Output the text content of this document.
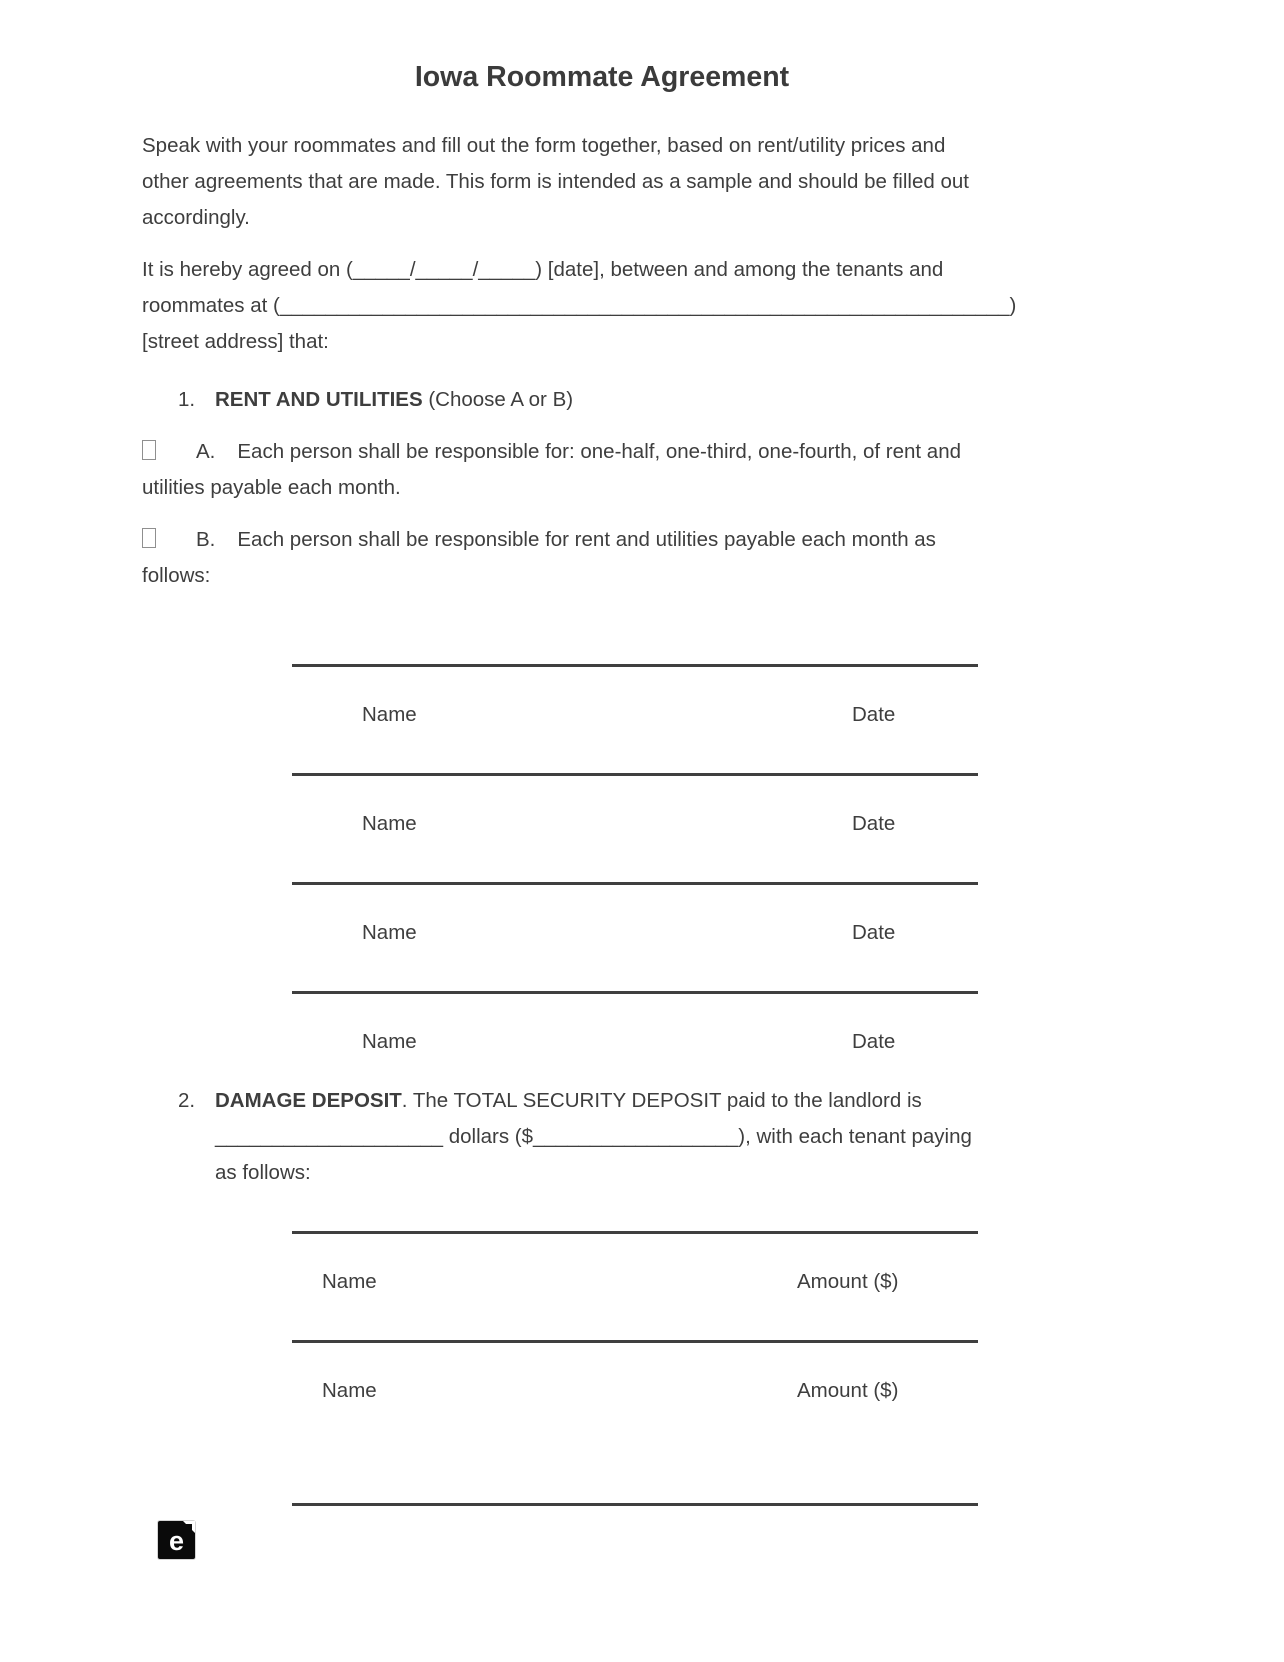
Iowa Roommate Agreement
Speak with your roommates and fill out the form together, based on rent/utility prices and
other agreements that are made. This form is intended as a sample and should be filled out
accordingly.
It is hereby agreed on (_____/_____/_____) [date], between and among the tenants and
roommates at (________________________________________________________________)
[street address] that:
1. RENT AND UTILITIES (Choose A or B)
A. Each person shall be responsible for: one-half, one-third, one-fourth, of rent and
utilities payable each month.
B. Each person shall be responsible for rent and utilities payable each month as
follows:
Name	Date
Name	Date
Name	Date
Name	Date
2. DAMAGE DEPOSIT. The TOTAL SECURITY DEPOSIT paid to the landlord is
____________________ dollars ($__________________), with each tenant paying
as follows:
Name	Amount ($)
Name	Amount ($)
e
